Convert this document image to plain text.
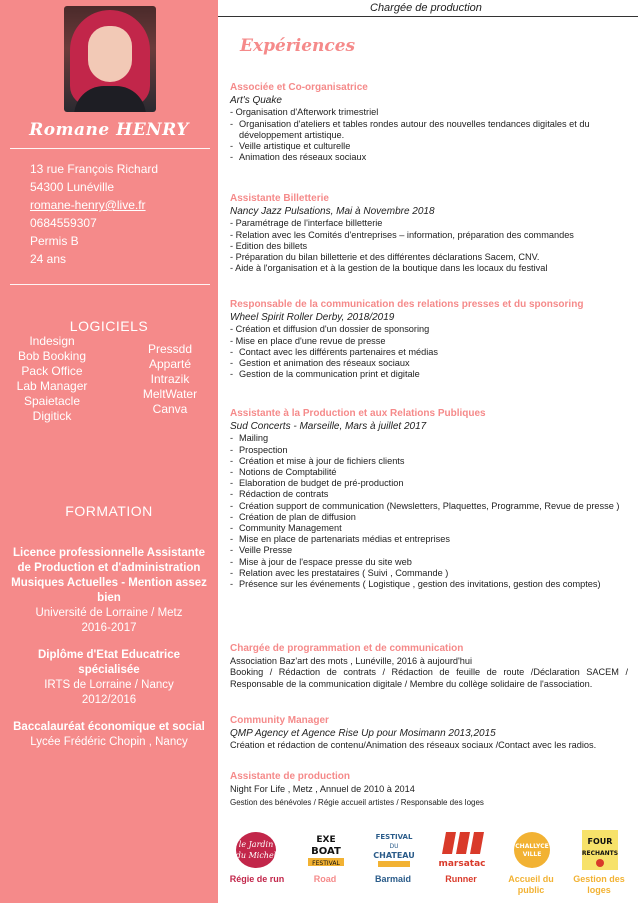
Romane HENRY
13 rue François Richard
54300 Lunéville
romane-henry@live.fr
0684559307
Permis B
24 ans
LOGICIELS
Indesign
Bob Booking
Pack Office
Lab Manager
Spaietacle
Digitick
Pressdd
Apparté
Intrazik
MeltWater
Canva
FORMATION
Licence professionnelle Assistante de Production et d'administration Musiques Actuelles - Mention assez bien
Université de Lorraine / Metz
2016-2017
Diplôme d'Etat Educatrice spécialisée
IRTS de Lorraine / Nancy
2012/2016
Baccalauréat économique et social
Lycée Frédéric Chopin , Nancy
Chargée de production
Expériences
Associée et Co-organisatrice
Art's Quake
- Organisation d'Afterwork trimestriel
- Organisation d'ateliers et tables rondes autour des nouvelles tendances digitales et du développement artistique.
- Veille artistique et culturelle
- Animation des réseaux sociaux
Assistante Billetterie
Nancy Jazz Pulsations, Mai à Novembre 2018
- Paramétrage de l'interface billetterie
- Relation avec les Comités d'entreprises – information, préparation des commandes
- Edition des billets
- Préparation du bilan billetterie et des différentes déclarations Sacem, CNV.
- Aide à l'organisation et à la gestion de la boutique dans les locaux du festival
Responsable de la communication des relations presses et du sponsoring
Wheel Spirit Roller Derby, 2018/2019
- Création et diffusion d'un dossier de sponsoring
- Mise en place d'une revue de presse
- Contact avec les différents partenaires et médias
- Gestion et animation des réseaux sociaux
- Gestion de la communication print et digitale
Assistante à la Production et aux Relations Publiques
Sud Concerts - Marseille, Mars à juillet 2017
- Mailing
- Prospection
- Création et mise à jour de fichiers clients
- Notions de Comptabilité
- Elaboration de budget de pré-production
- Rédaction de contrats
- Création support de communication (Newsletters, Plaquettes, Programme, Revue de presse )
- Création de plan de diffusion
- Community Management
- Mise en place de partenariats médias et entreprises
- Veille Presse
- Mise à jour de l'espace presse du site web
- Relation avec les prestataires ( Suivi , Commande )
- Présence sur les événements ( Logistique , gestion des invitations, gestion des comptes)
Chargée de programmation et de communication
Association Baz'art des mots , Lunéville, 2016 à aujourd'hui
Booking / Rédaction de contrats / Rédaction de feuille de route /Déclaration SACEM / Responsable de la communication digitale / Membre du collège solidaire de l'association.
Community Manager
QMP Agency et Agence Rise Up pour Mosimann 2013,2015
Création et rédaction de contenu/Animation des réseaux sociaux /Contact avec les radios.
Assistante de production
Night For Life , Metz , Annuel de 2010 à 2014
Gestion des bénévoles / Régie accueil artistes / Responsable des loges
le Jardin
du Michel
Régie de run
EXE
BOAT
FESTIVAL
Road
FESTIVAL
DU
CHATEAU
Barmaid
marsatac
Runner
CHALLYCE
VILLE
Accueil du public
FOUR
RECHANTS
Gestion des loges
